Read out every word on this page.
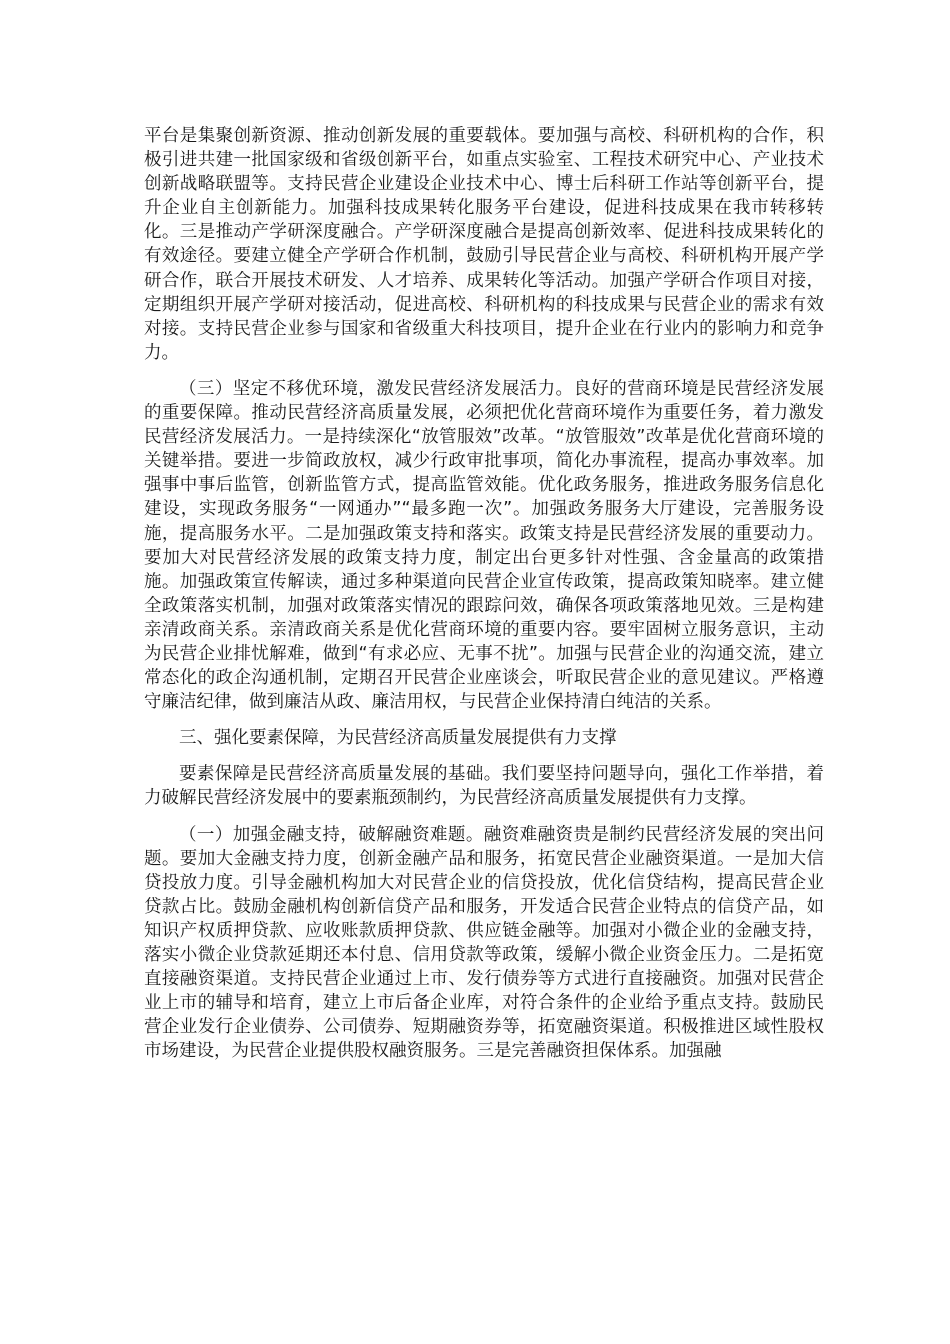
平台是集聚创新资源、推动创新发展的重要载体。要加强与高校、科研机构的合作，积极引进共建一批国家级和省级创新平台，如重点实验室、工程技术研究中心、产业技术创新战略联盟等。支持民营企业建设企业技术中心、博士后科研工作站等创新平台，提升企业自主创新能力。加强科技成果转化服务平台建设，促进科技成果在我市转移转化。三是推动产学研深度融合。产学研深度融合是提高创新效率、促进科技成果转化的有效途径。要建立健全产学研合作机制，鼓励引导民营企业与高校、科研机构开展产学研合作，联合开展技术研发、人才培养、成果转化等活动。加强产学研合作项目对接，定期组织开展产学研对接活动，促进高校、科研机构的科技成果与民营企业的需求有效对接。支持民营企业参与国家和省级重大科技项目，提升企业在行业内的影响力和竞争力。

（三）坚定不移优环境，激发民营经济发展活力。良好的营商环境是民营经济发展的重要保障。推动民营经济高质量发展，必须把优化营商环境作为重要任务，着力激发民营经济发展活力。一是持续深化“放管服效”改革。“放管服效”改革是优化营商环境的关键举措。要进一步简政放权，减少行政审批事项，简化办事流程，提高办事效率。加强事中事后监管，创新监管方式，提高监管效能。优化政务服务，推进政务服务信息化建设，实现政务服务“一网通办”“最多跑一次”。加强政务服务大厅建设，完善服务设施，提高服务水平。二是加强政策支持和落实。政策支持是民营经济发展的重要动力。要加大对民营经济发展的政策支持力度，制定出台更多针对性强、含金量高的政策措施。加强政策宣传解读，通过多种渠道向民营企业宣传政策，提高政策知晓率。建立健全政策落实机制，加强对政策落实情况的跟踪问效，确保各项政策落地见效。三是构建亲清政商关系。亲清政商关系是优化营商环境的重要内容。要牢固树立服务意识，主动为民营企业排忧解难，做到“有求必应、无事不扰”。加强与民营企业的沟通交流，建立常态化的政企沟通机制，定期召开民营企业座谈会，听取民营企业的意见建议。严格遵守廉洁纪律，做到廉洁从政、廉洁用权，与民营企业保持清白纯洁的关系。

三、强化要素保障，为民营经济高质量发展提供有力支撑

要素保障是民营经济高质量发展的基础。我们要坚持问题导向，强化工作举措，着力破解民营经济发展中的要素瓶颈制约，为民营经济高质量发展提供有力支撑。

（一）加强金融支持，破解融资难题。融资难融资贵是制约民营经济发展的突出问题。要加大金融支持力度，创新金融产品和服务，拓宽民营企业融资渠道。一是加大信贷投放力度。引导金融机构加大对民营企业的信贷投放，优化信贷结构，提高民营企业贷款占比。鼓励金融机构创新信贷产品和服务，开发适合民营企业特点的信贷产品，如知识产权质押贷款、应收账款质押贷款、供应链金融等。加强对小微企业的金融支持，落实小微企业贷款延期还本付息、信用贷款等政策，缓解小微企业资金压力。二是拓宽直接融资渠道。支持民营企业通过上市、发行债券等方式进行直接融资。加强对民营企业上市的辅导和培育，建立上市后备企业库，对符合条件的企业给予重点支持。鼓励民营企业发行企业债券、公司债券、短期融资券等，拓宽融资渠道。积极推进区域性股权市场建设，为民营企业提供股权融资服务。三是完善融资担保体系。加强融
